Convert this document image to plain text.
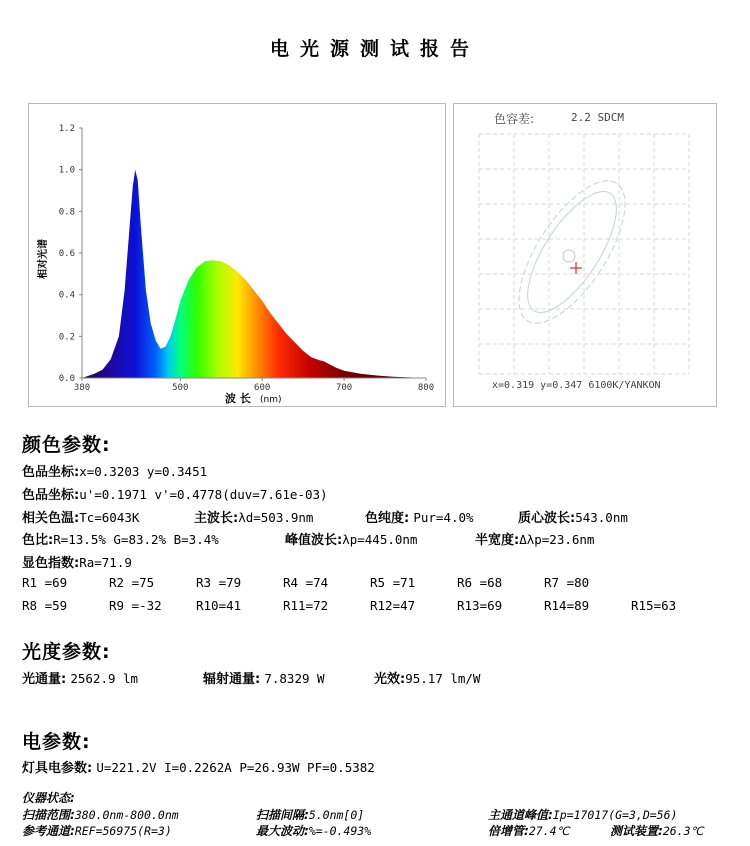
电光源测试报告
0.0
0.2
0.4
0.6
0.8
1.0
1.2
380	500	600	700	800
相对光谱
波 长 (nm)
色容差:	2.2 SDCM
x=0.319 y=0.347 6100K/YANKON
颜色参数:
色品坐标:x=0.3203 y=0.3451
色品坐标:u'=0.1971 v'=0.4778(duv=7.61e-03)
相关色温:Tc=6043K	主波长:λd=503.9nm	色纯度: Pur=4.0%	质心波长:543.0nm
色比:R=13.5% G=83.2% B=3.4%	峰值波长:λp=445.0nm	半宽度:Δλp=23.6nm
显色指数:Ra=71.9
R1 =69	R2 =75	R3 =79	R4 =74	R5 =71	R6 =68	R7 =80
R8 =59	R9 =-32	R10=41	R11=72	R12=47	R13=69	R14=89	R15=63
光度参数:
光通量: 2562.9 lm	辐射通量: 7.8329 W	光效:95.17 lm/W
电参数:
灯具电参数: U=221.2V I=0.2262A P=26.93W PF=0.5382
仪器状态:
扫描范围:380.0nm-800.0nm	扫描间隔:5.0nm[0]	主通道峰值:Ip=17017(G=3,D=56)
参考通道:REF=56975(R=3)	最大波动:%=-0.493%	倍增管:27.4℃	测试装置:26.3℃
